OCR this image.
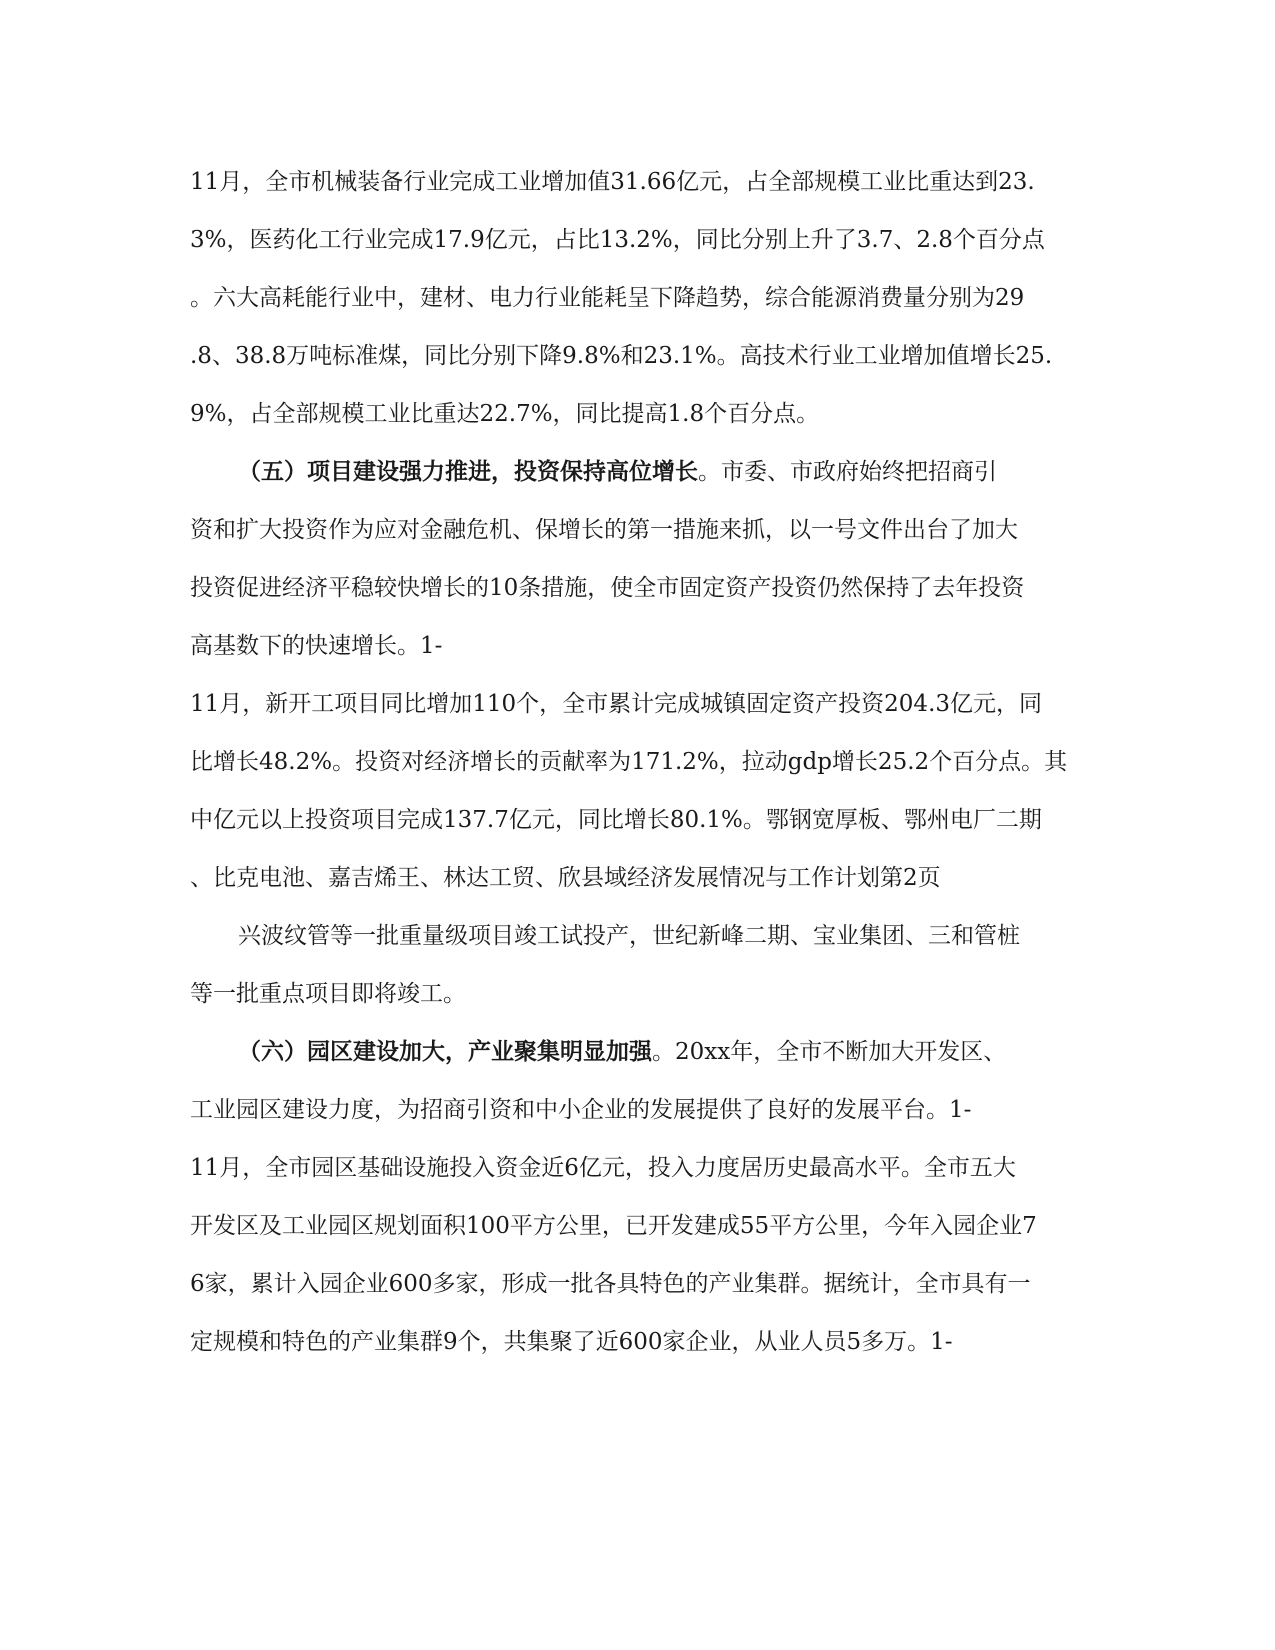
11月，全市机械装备行业完成工业增加值31.66亿元，占全部规模工业比重达到23.
3%，医药化工行业完成17.9亿元，占比13.2%，同比分别上升了3.7、2.8个百分点
。六大高耗能行业中，建材、电力行业能耗呈下降趋势，综合能源消费量分别为29
.8、38.8万吨标准煤，同比分别下降9.8%和23.1%。高技术行业工业增加值增长25.
9%，占全部规模工业比重达22.7%，同比提高1.8个百分点。
（五）项目建设强力推进，投资保持高位增长。市委、市政府始终把招商引
资和扩大投资作为应对金融危机、保增长的第一措施来抓，以一号文件出台了加大
投资促进经济平稳较快增长的10条措施，使全市固定资产投资仍然保持了去年投资
高基数下的快速增长。1-
11月，新开工项目同比增加110个，全市累计完成城镇固定资产投资204.3亿元，同
比增长48.2%。投资对经济增长的贡献率为171.2%，拉动gdp增长25.2个百分点。其
中亿元以上投资项目完成137.7亿元，同比增长80.1%。鄂钢宽厚板、鄂州电厂二期
、比克电池、嘉吉烯王、林达工贸、欣县域经济发展情况与工作计划第2页
兴波纹管等一批重量级项目竣工试投产，世纪新峰二期、宝业集团、三和管桩
等一批重点项目即将竣工。
（六）园区建设加大，产业聚集明显加强。20xx年，全市不断加大开发区、
工业园区建设力度，为招商引资和中小企业的发展提供了良好的发展平台。1-
11月，全市园区基础设施投入资金近6亿元，投入力度居历史最高水平。全市五大
开发区及工业园区规划面积100平方公里，已开发建成55平方公里，今年入园企业7
6家，累计入园企业600多家，形成一批各具特色的产业集群。据统计，全市具有一
定规模和特色的产业集群9个，共集聚了近600家企业，从业人员5多万。1-
